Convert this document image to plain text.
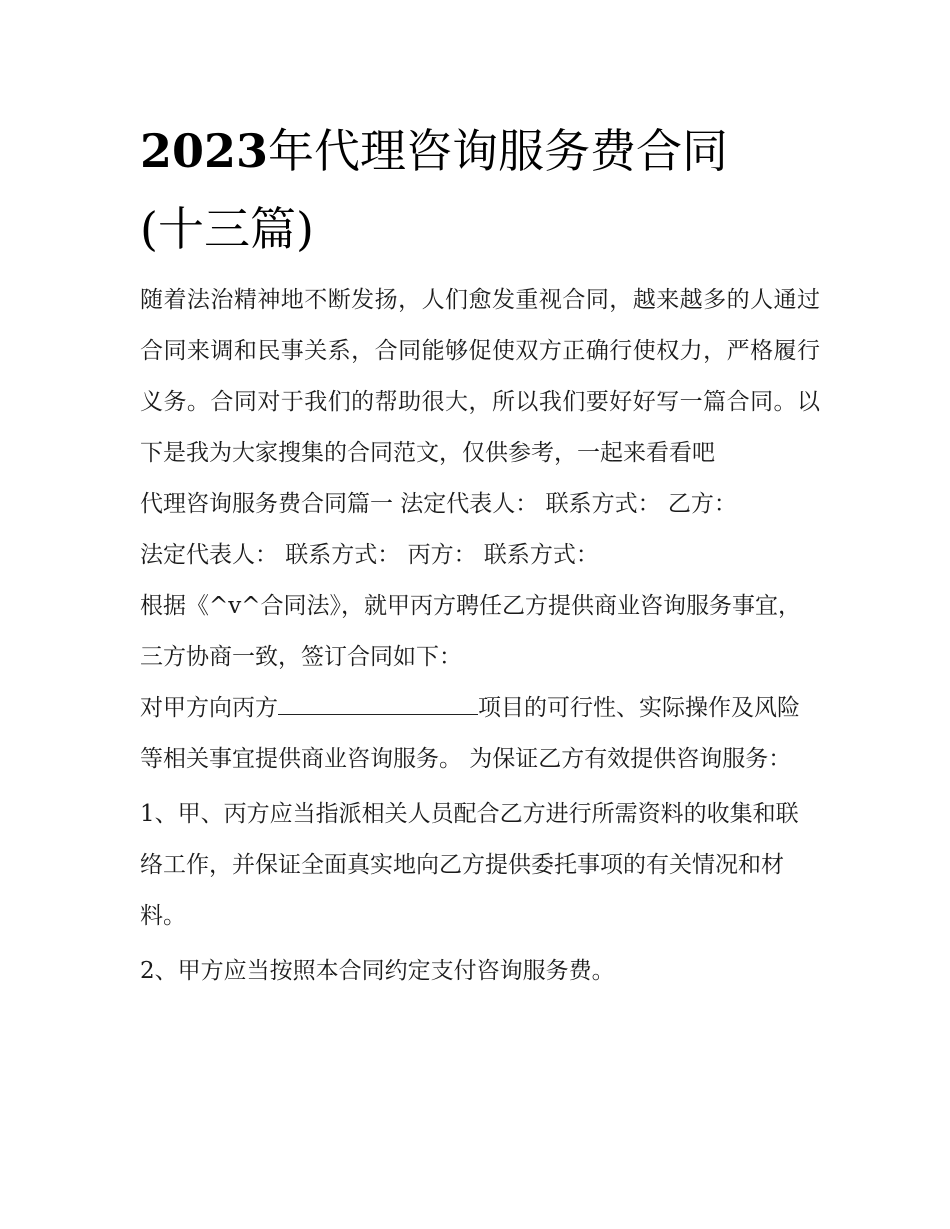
2023年代理咨询服务费合同
(十三篇)

随着法治精神地不断发扬，人们愈发重视合同，越来越多的人通过合同来调和民事关系，合同能够促使双方正确行使权力，严格履行义务。合同对于我们的帮助很大，所以我们要好好写一篇合同。以下是我为大家搜集的合同范文，仅供参考，一起来看看吧

代理咨询服务费合同篇一 法定代表人： 联系方式： 乙方：

法定代表人： 联系方式： 丙方： 联系方式：

根据《^v^合同法》，就甲丙方聘任乙方提供商业咨询服务事宜，三方协商一致，签订合同如下：

对甲方向丙方	项目的可行性、实际操作及风险等相关事宜提供商业咨询服务。 为保证乙方有效提供咨询服务：

1、甲、丙方应当指派相关人员配合乙方进行所需资料的收集和联络工作，并保证全面真实地向乙方提供委托事项的有关情况和材料。

2、甲方应当按照本合同约定支付咨询服务费。
